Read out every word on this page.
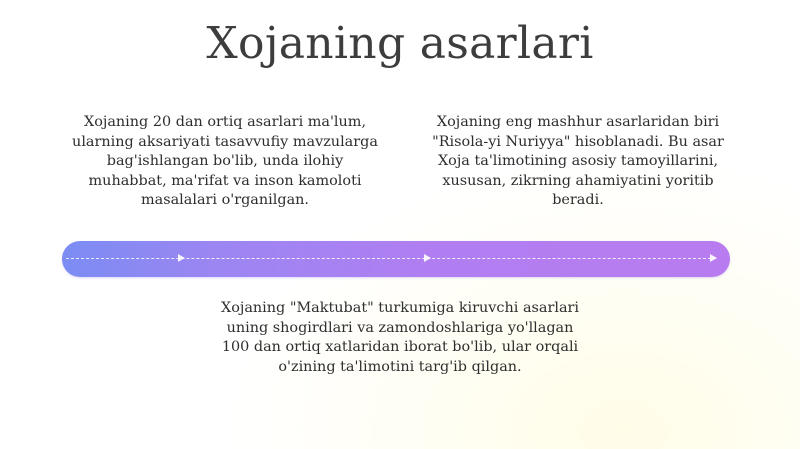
Xojaning asarlari

Xojaning 20 dan ortiq asarlari ma'lum, ularning aksariyati tasavvufiy mavzularga bag'ishlangan bo'lib, unda ilohiy muhabbat, ma'rifat va inson kamoloti masalalari o'rganilgan.

Xojaning eng mashhur asarlaridan biri "Risola-yi Nuriyya" hisoblanadi. Bu asar Xoja ta'limotining asosiy tamoyillarini, xususan, zikrning ahamiyatini yoritib beradi.

Xojaning "Maktubat" turkumiga kiruvchi asarlari uning shogirdlari va zamondoshlariga yo'llagan 100 dan ortiq xatlaridan iborat bo'lib, ular orqali o'zining ta'limotini targ'ib qilgan.
